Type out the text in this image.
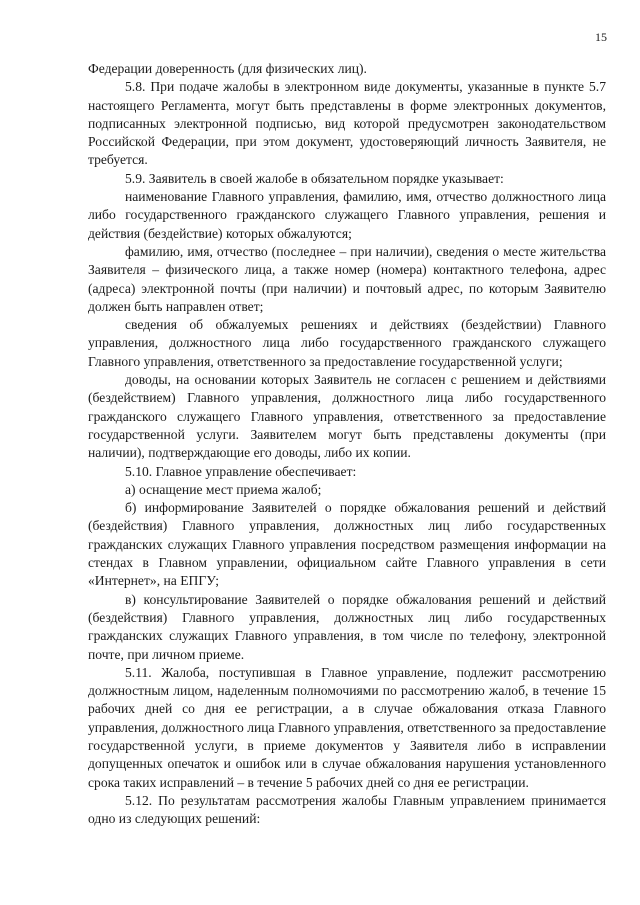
15

Федерации доверенность (для физических лиц).

5.8. При подаче жалобы в электронном виде документы, указанные в пункте 5.7 настоящего Регламента, могут быть представлены в форме электронных документов, подписанных электронной подписью, вид которой предусмотрен законодательством Российской Федерации, при этом документ, удостоверяющий личность Заявителя, не требуется.

5.9. Заявитель в своей жалобе в обязательном порядке указывает:

наименование Главного управления, фамилию, имя, отчество должностного лица либо государственного гражданского служащего Главного управления, решения и действия (бездействие) которых обжалуются;

фамилию, имя, отчество (последнее – при наличии), сведения о месте жительства Заявителя – физического лица, а также номер (номера) контактного телефона, адрес (адреса) электронной почты (при наличии) и почтовый адрес, по которым Заявителю должен быть направлен ответ;

сведения об обжалуемых решениях и действиях (бездействии) Главного управления, должностного лица либо государственного гражданского служащего Главного управления, ответственного за предоставление государственной услуги;

доводы, на основании которых Заявитель не согласен с решением и действиями (бездействием) Главного управления, должностного лица либо государственного гражданского служащего Главного управления, ответственного за предоставление государственной услуги. Заявителем могут быть представлены документы (при наличии), подтверждающие его доводы, либо их копии.

5.10. Главное управление обеспечивает:

а) оснащение мест приема жалоб;

б) информирование Заявителей о порядке обжалования решений и действий (бездействия) Главного управления, должностных лиц либо государственных гражданских служащих Главного управления посредством размещения информации на стендах в Главном управлении, официальном сайте Главного управления в сети «Интернет», на ЕПГУ;

в) консультирование Заявителей о порядке обжалования решений и действий (бездействия) Главного управления, должностных лиц либо государственных гражданских служащих Главного управления, в том числе по телефону, электронной почте, при личном приеме.

5.11. Жалоба, поступившая в Главное управление, подлежит рассмотрению должностным лицом, наделенным полномочиями по рассмотрению жалоб, в течение 15 рабочих дней со дня ее регистрации, а в случае обжалования отказа Главного управления, должностного лица Главного управления, ответственного за предоставление государственной услуги, в приеме документов у Заявителя либо в исправлении допущенных опечаток и ошибок или в случае обжалования нарушения установленного срока таких исправлений – в течение 5 рабочих дней со дня ее регистрации.

5.12. По результатам рассмотрения жалобы Главным управлением принимается одно из следующих решений:
